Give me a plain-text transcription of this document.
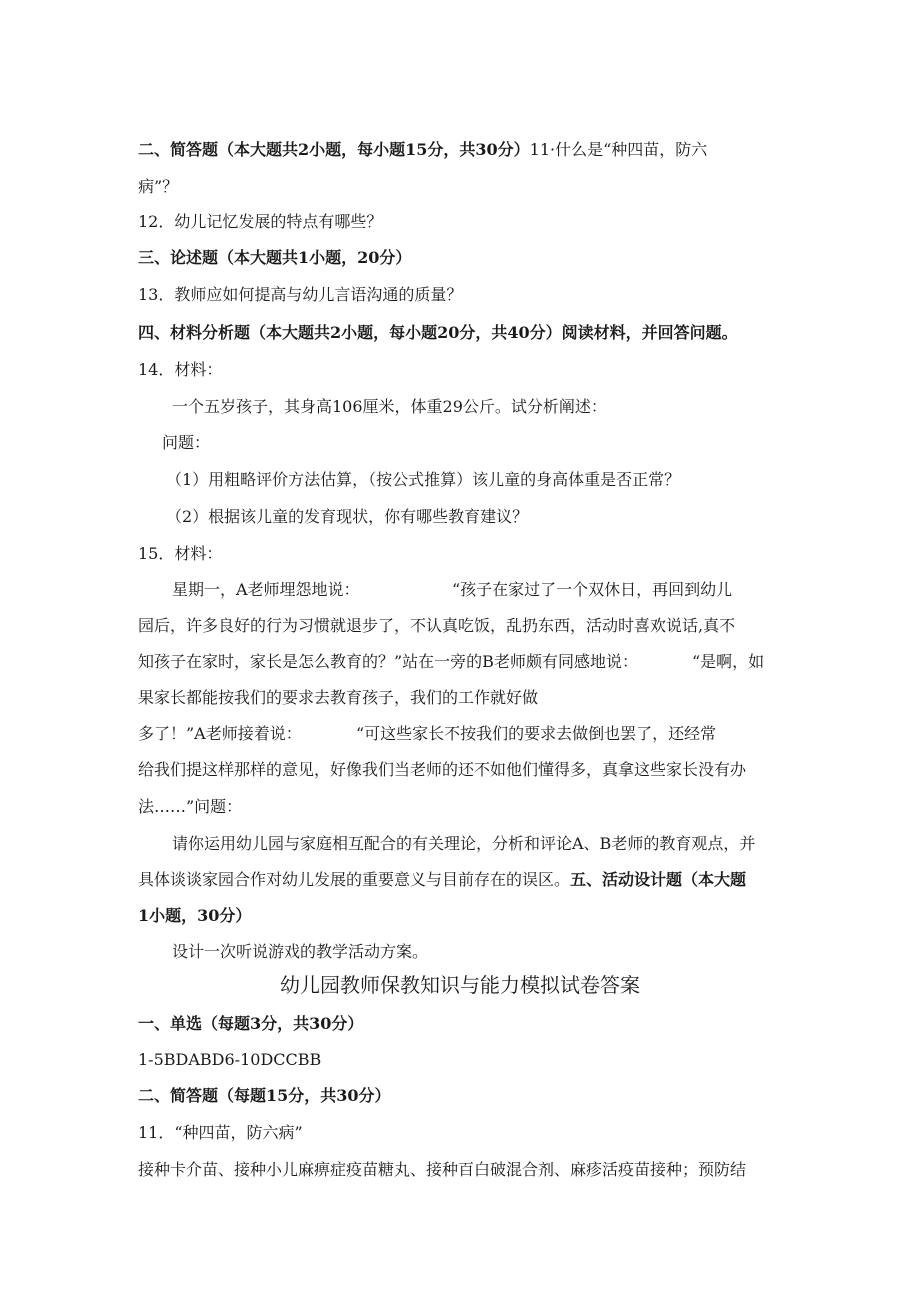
二、简答题（本大题共2小题，每小题15分，共30分）11·什么是“种四苗，防六
病”？
12．幼儿记忆发展的特点有哪些？
三、论述题（本大题共1小题，20分）
13．教师应如何提高与幼儿言语沟通的质量？
四、材料分析题（本大题共2小题，每小题20分，共40分）阅读材料，并回答问题。
14．材料：
一个五岁孩子，其身高106厘米，体重29公斤。试分析阐述：
问题：
（1）用粗略评价方法估算，（按公式推算）该儿童的身高体重是否正常？
（2）根据该儿童的发育现状，你有哪些教育建议？
15．材料：
星期一，A老师埋怨地说：	“孩子在家过了一个双休日，再回到幼儿
园后，许多良好的行为习惯就退步了，不认真吃饭，乱扔东西，活动时喜欢说话,真不
知孩子在家时，家长是怎么教育的？”站在一旁的B老师颇有同感地说：	“是啊，如
果家长都能按我们的要求去教育孩子，我们的工作就好做
多了！”A老师接着说：	“可这些家长不按我们的要求去做倒也罢了，还经常
给我们提这样那样的意见，好像我们当老师的还不如他们懂得多，真拿这些家长没有办
法……”问题：
请你运用幼儿园与家庭相互配合的有关理论，分析和评论A、B老师的教育观点，并
具体谈谈家园合作对幼儿发展的重要意义与目前存在的误区。五、活动设计题（本大题
1小题，30分）
设计一次听说游戏的教学活动方案。
幼儿园教师保教知识与能力模拟试卷答案
一、单选（每题3分，共30分）
1-5BDABD6-10DCCBB
二、简答题（每题15分，共30分）
11．“种四苗，防六病”
接种卡介苗、接种小儿麻痹症疫苗糖丸、接种百白破混合剂、麻疹活疫苗接种；预防结
